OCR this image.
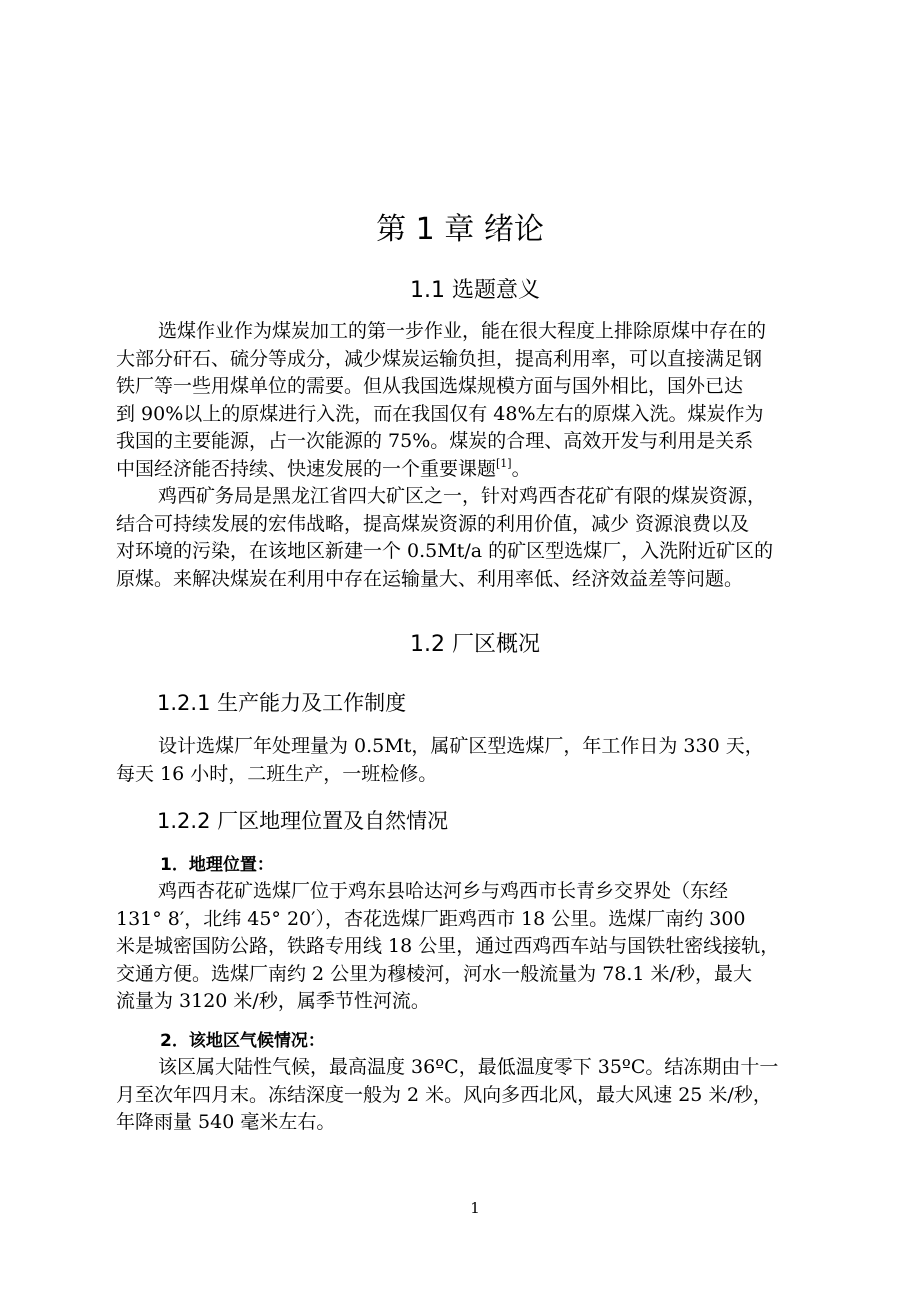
第 1 章 绪论
1.1 选题意义
选煤作业作为煤炭加工的第一步作业，能在很大程度上排除原煤中存在的
大部分矸石、硫分等成分，减少煤炭运输负担，提高利用率，可以直接满足钢
铁厂等一些用煤单位的需要。但从我国选煤规模方面与国外相比，国外已达
到 90%以上的原煤进行入洗，而在我国仅有 48%左右的原煤入洗。煤炭作为
我国的主要能源，占一次能源的 75%。煤炭的合理、高效开发与利用是关系
中国经济能否持续、快速发展的一个重要课题[1]。
鸡西矿务局是黑龙江省四大矿区之一，针对鸡西杏花矿有限的煤炭资源，
结合可持续发展的宏伟战略，提高煤炭资源的利用价值，减少 资源浪费以及
对环境的污染，在该地区新建一个 0.5Mt/a 的矿区型选煤厂，入洗附近矿区的
原煤。来解决煤炭在利用中存在运输量大、利用率低、经济效益差等问题。
1.2 厂区概况
1.2.1 生产能力及工作制度
设计选煤厂年处理量为 0.5Mt，属矿区型选煤厂，年工作日为 330 天，
每天 16 小时，二班生产，一班检修。
1.2.2 厂区地理位置及自然情况
1．地理位置：
鸡西杏花矿选煤厂位于鸡东县哈达河乡与鸡西市长青乡交界处（东经
131° 8′，北纬 45° 20′），杏花选煤厂距鸡西市 18 公里。选煤厂南约 300
米是城密国防公路，铁路专用线 18 公里，通过西鸡西车站与国铁牡密线接轨，
交通方便。选煤厂南约 2 公里为穆棱河，河水一般流量为 78.1 米/秒，最大
流量为 3120 米/秒，属季节性河流。
2．该地区气候情况：
该区属大陆性气候，最高温度 36ºC，最低温度零下 35ºC。结冻期由十一
月至次年四月末。冻结深度一般为 2 米。风向多西北风，最大风速 25 米/秒，
年降雨量 540 毫米左右。
1
